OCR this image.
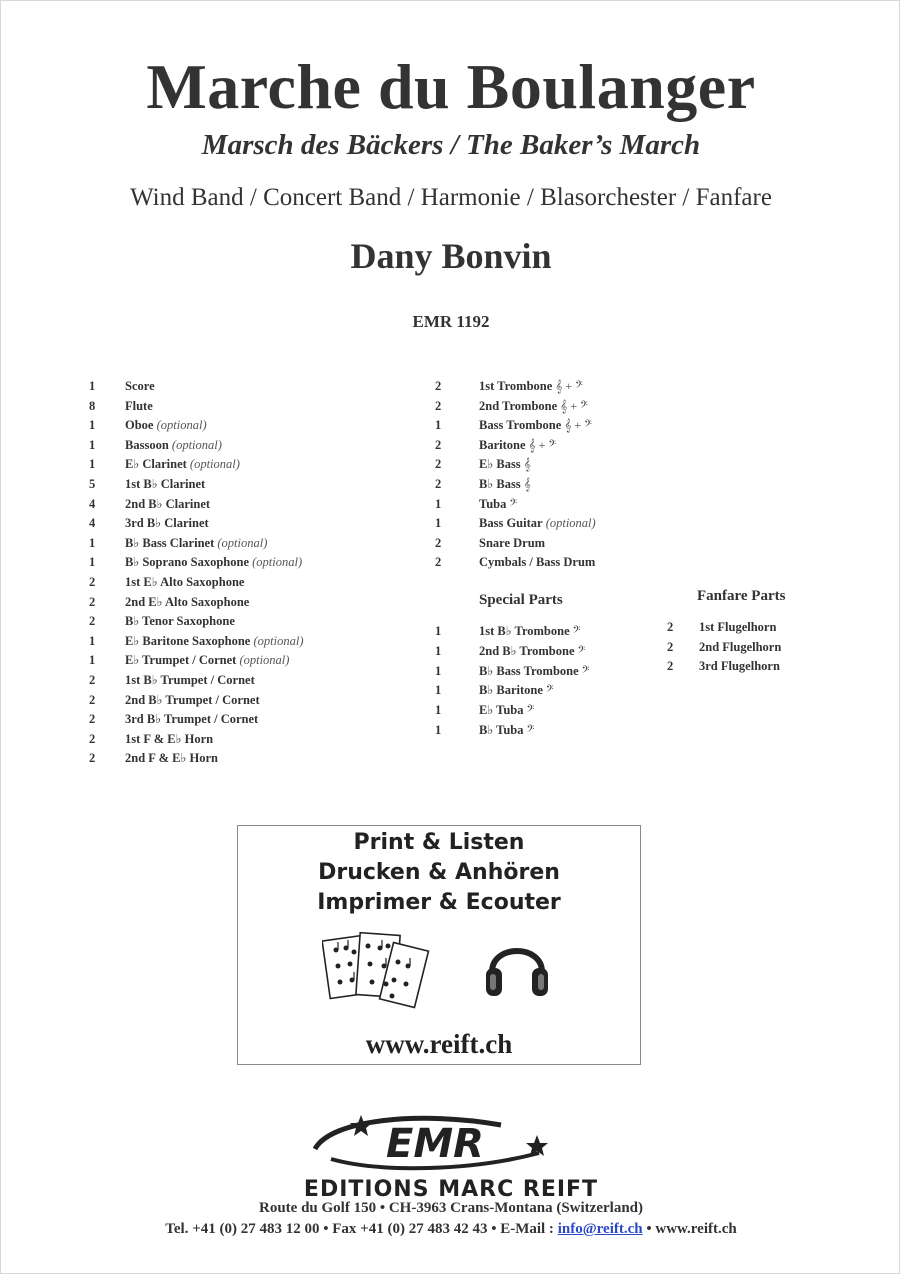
Marche du Boulanger
Marsch des Bäckers / The Baker’s March
Wind Band / Concert Band / Harmonie / Blasorchester / Fanfare
Dany Bonvin
EMR 1192
1	Score
8	Flute
1	Oboe (optional)
1	Bassoon (optional)
1	E♭ Clarinet (optional)
5	1st B♭ Clarinet
4	2nd B♭ Clarinet
4	3rd B♭ Clarinet
1	B♭ Bass Clarinet (optional)
1	B♭ Soprano Saxophone (optional)
2	1st E♭ Alto Saxophone
2	2nd E♭ Alto Saxophone
2	B♭ Tenor Saxophone
1	E♭ Baritone Saxophone (optional)
1	E♭ Trumpet / Cornet (optional)
2	1st B♭ Trumpet / Cornet
2	2nd B♭ Trumpet / Cornet
2	3rd B♭ Trumpet / Cornet
2	1st F & E♭ Horn
2	2nd F & E♭ Horn
2	1st Trombone 𝄞 + 𝄢
2	2nd Trombone 𝄞 + 𝄢
1	Bass Trombone 𝄞 + 𝄢
2	Baritone 𝄞 + 𝄢
2	E♭ Bass 𝄞
2	B♭ Bass 𝄞
1	Tuba 𝄢
1	Bass Guitar (optional)
2	Snare Drum
2	Cymbals / Bass Drum
Special Parts
1	1st B♭ Trombone 𝄢
1	2nd B♭ Trombone 𝄢
1	B♭ Bass Trombone 𝄢
1	B♭ Baritone 𝄢
1	E♭ Tuba 𝄢
1	B♭ Tuba 𝄢
Fanfare Parts
2	1st Flugelhorn
2	2nd Flugelhorn
2	3rd Flugelhorn
Print & Listen
Drucken & Anhören
Imprimer & Ecouter
www.reift.ch
EMR
EDITIONS MARC REIFT
Route du Golf 150 • CH-3963 Crans-Montana (Switzerland)
Tel. +41 (0) 27 483 12 00 • Fax +41 (0) 27 483 42 43 • E-Mail : info@reift.ch • www.reift.ch
